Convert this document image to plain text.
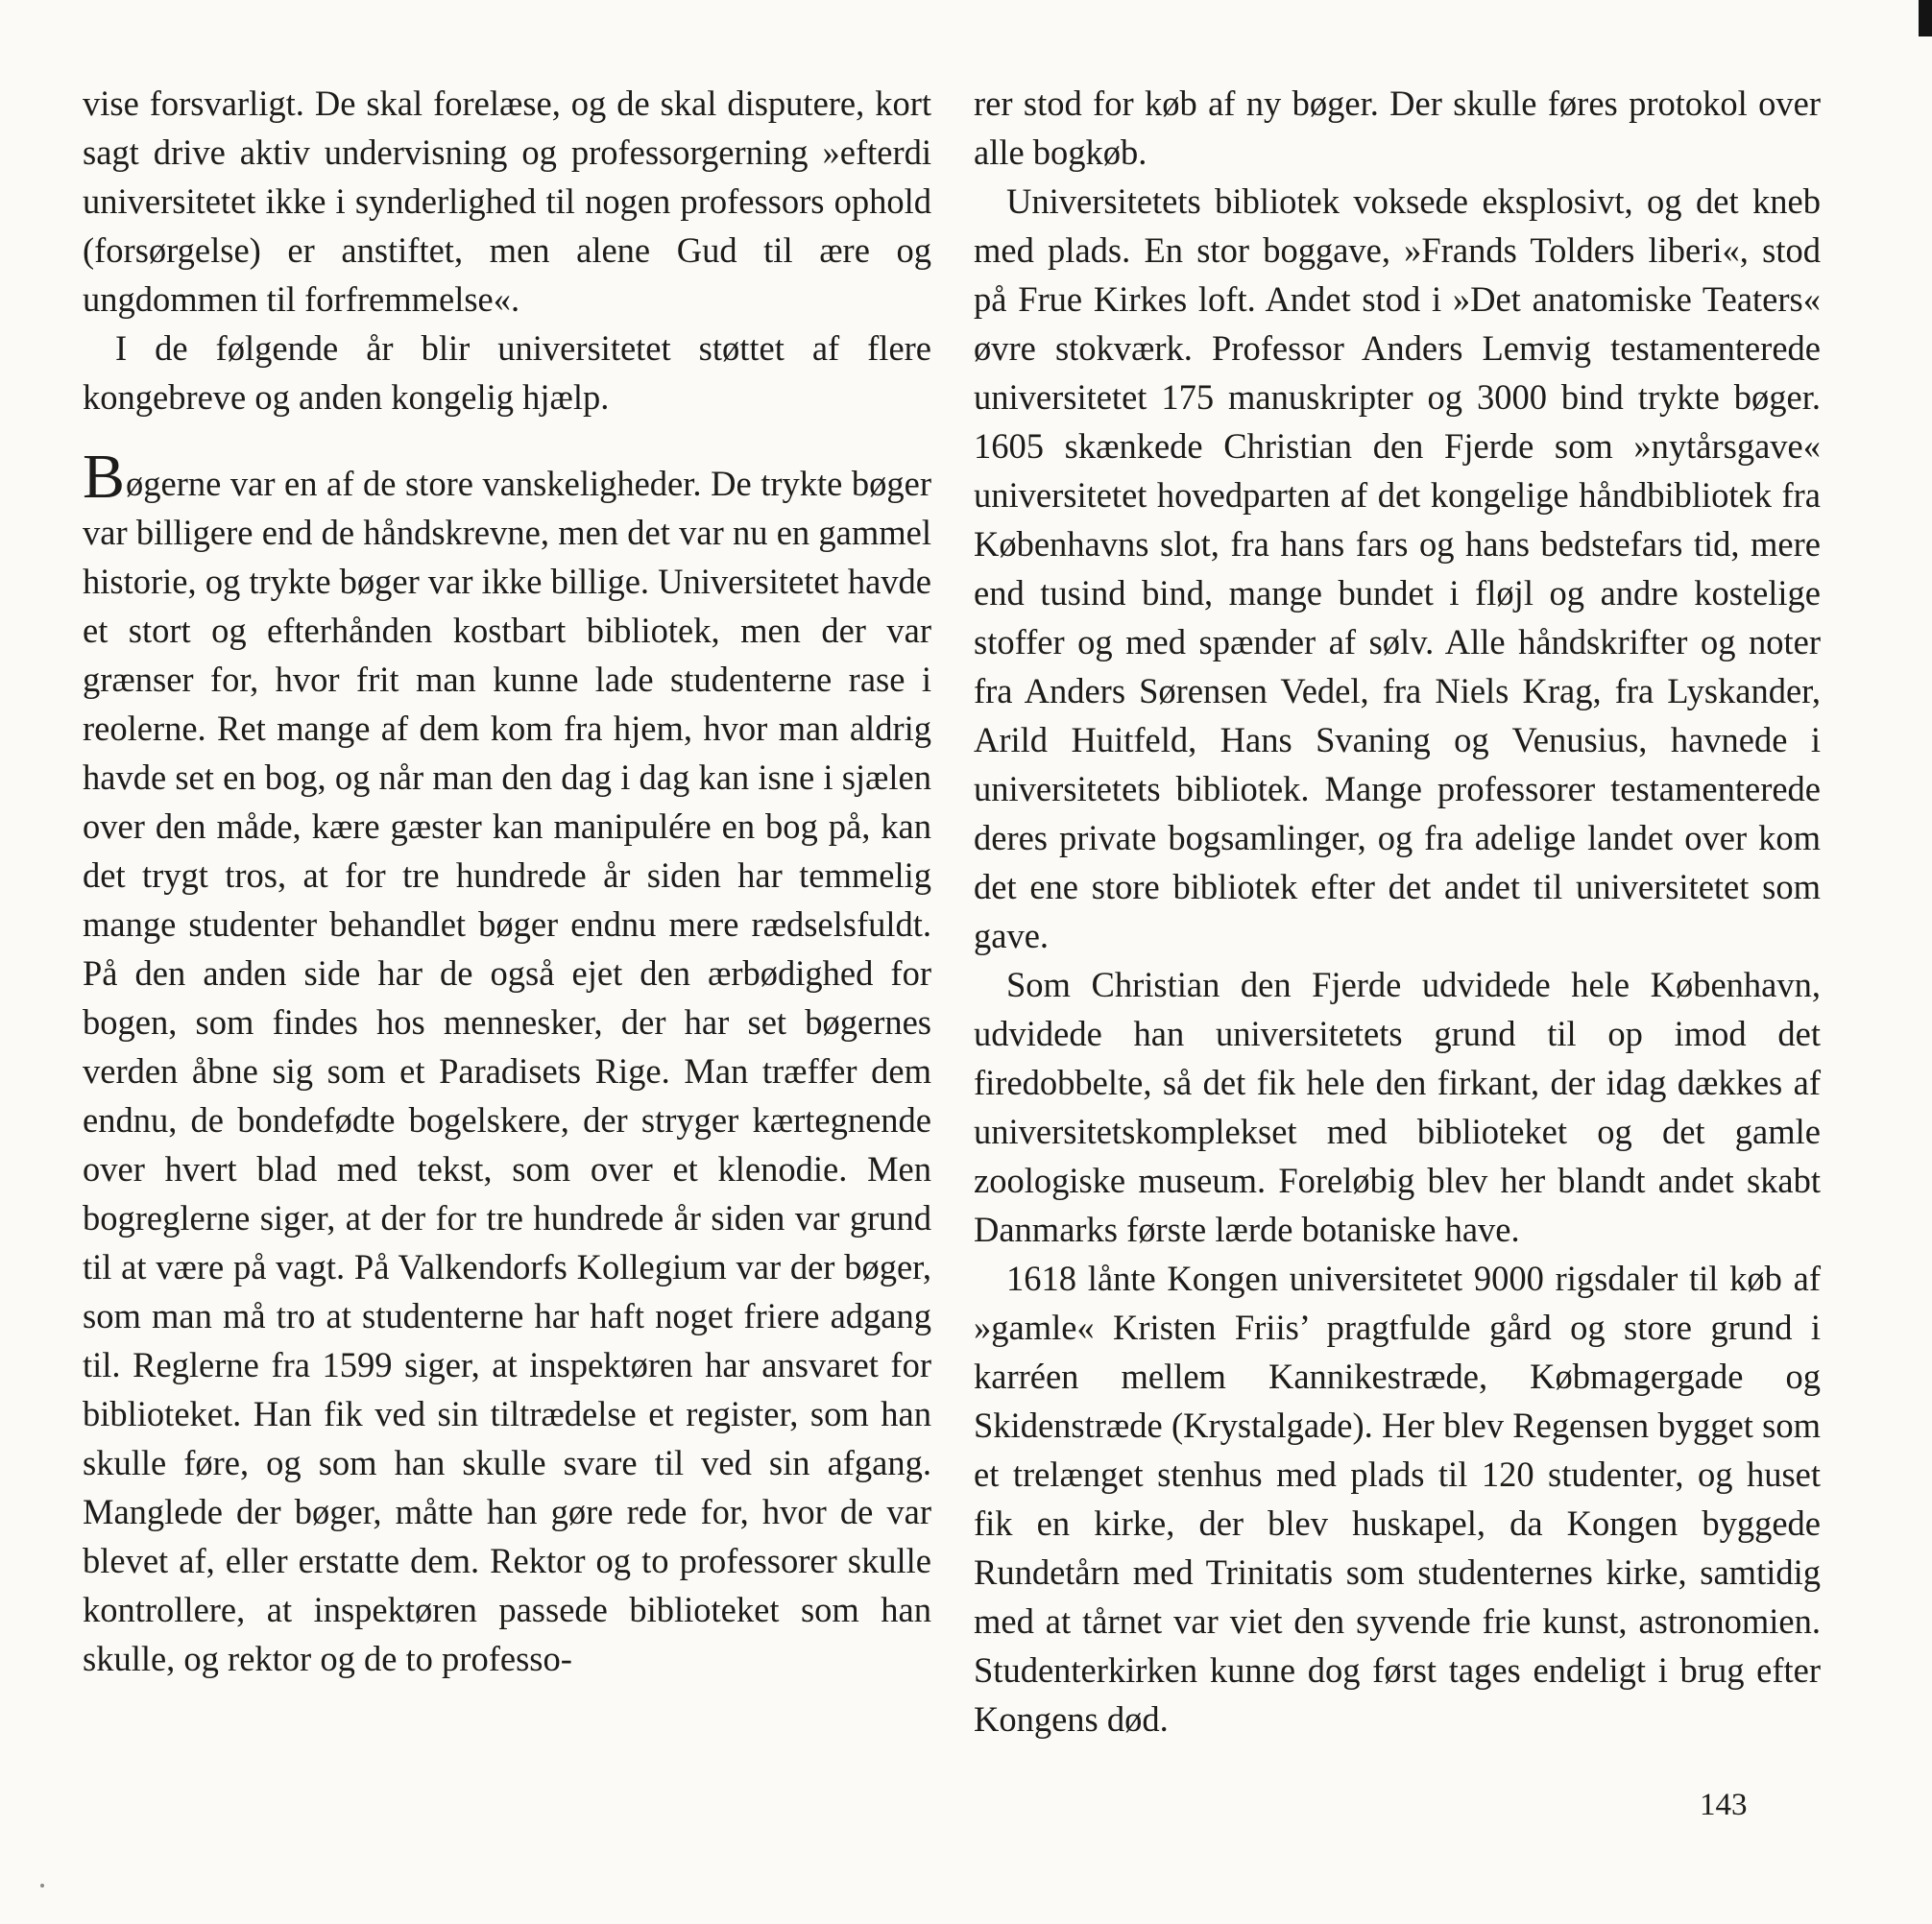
vise forsvarligt. De skal forelæse, og de skal disputere, kort sagt drive aktiv undervisning og professorgerning »efterdi universitetet ikke i synderlighed til nogen professors ophold (forsørgelse) er anstiftet, men alene Gud til ære og ungdommen til forfremmelse«.

I de følgende år blir universitetet støttet af flere kongebreve og anden kongelig hjælp.

Bøgerne var en af de store vanskeligheder. De trykte bøger var billigere end de håndskrevne, men det var nu en gammel historie, og trykte bøger var ikke billige. Universitetet havde et stort og efterhånden kostbart bibliotek, men der var grænser for, hvor frit man kunne lade studenterne rase i reolerne. Ret mange af dem kom fra hjem, hvor man aldrig havde set en bog, og når man den dag i dag kan isne i sjælen over den måde, kære gæster kan manipulére en bog på, kan det trygt tros, at for tre hundrede år siden har temmelig mange studenter behandlet bøger endnu mere rædselsfuldt. På den anden side har de også ejet den ærbødighed for bogen, som findes hos mennesker, der har set bøgernes verden åbne sig som et Paradisets Rige. Man træffer dem endnu, de bondefødte bogelskere, der stryger kærtegnende over hvert blad med tekst, som over et klenodie. Men bogreglerne siger, at der for tre hundrede år siden var grund til at være på vagt. På Valkendorfs Kollegium var der bøger, som man må tro at studenterne har haft noget friere adgang til. Reglerne fra 1599 siger, at inspektøren har ansvaret for biblioteket. Han fik ved sin tiltrædelse et register, som han skulle føre, og som han skulle svare til ved sin afgang. Manglede der bøger, måtte han gøre rede for, hvor de var blevet af, eller erstatte dem. Rektor og to professorer skulle kontrollere, at inspektøren passede biblioteket som han skulle, og rektor og de to professo-

rer stod for køb af ny bøger. Der skulle føres protokol over alle bogkøb.

Universitetets bibliotek voksede eksplosivt, og det kneb med plads. En stor boggave, »Frands Tolders liberi«, stod på Frue Kirkes loft. Andet stod i »Det anatomiske Teaters« øvre stokværk. Professor Anders Lemvig testamenterede universitetet 175 manuskripter og 3000 bind trykte bøger. 1605 skænkede Christian den Fjerde som »nytårsgave« universitetet hovedparten af det kongelige håndbibliotek fra Københavns slot, fra hans fars og hans bedstefars tid, mere end tusind bind, mange bundet i fløjl og andre kostelige stoffer og med spænder af sølv. Alle håndskrifter og noter fra Anders Sørensen Vedel, fra Niels Krag, fra Lyskander, Arild Huitfeld, Hans Svaning og Venusius, havnede i universitetets bibliotek. Mange professorer testamenterede deres private bogsamlinger, og fra adelige landet over kom det ene store bibliotek efter det andet til universitetet som gave.

Som Christian den Fjerde udvidede hele København, udvidede han universitetets grund til op imod det firedobbelte, så det fik hele den firkant, der idag dækkes af universitetskomplekset med biblioteket og det gamle zoologiske museum. Foreløbig blev her blandt andet skabt Danmarks første lærde botaniske have.

1618 lånte Kongen universitetet 9000 rigsdaler til køb af »gamle« Kristen Friis’ pragtfulde gård og store grund i karréen mellem Kannikestræde, Købmagergade og Skidenstræde (Krystalgade). Her blev Regensen bygget som et trelænget stenhus med plads til 120 studenter, og huset fik en kirke, der blev huskapel, da Kongen byggede Rundetårn med Trinitatis som studenternes kirke, samtidig med at tårnet var viet den syvende frie kunst, astronomien. Studenterkirken kunne dog først tages endeligt i brug efter Kongens død.

143
